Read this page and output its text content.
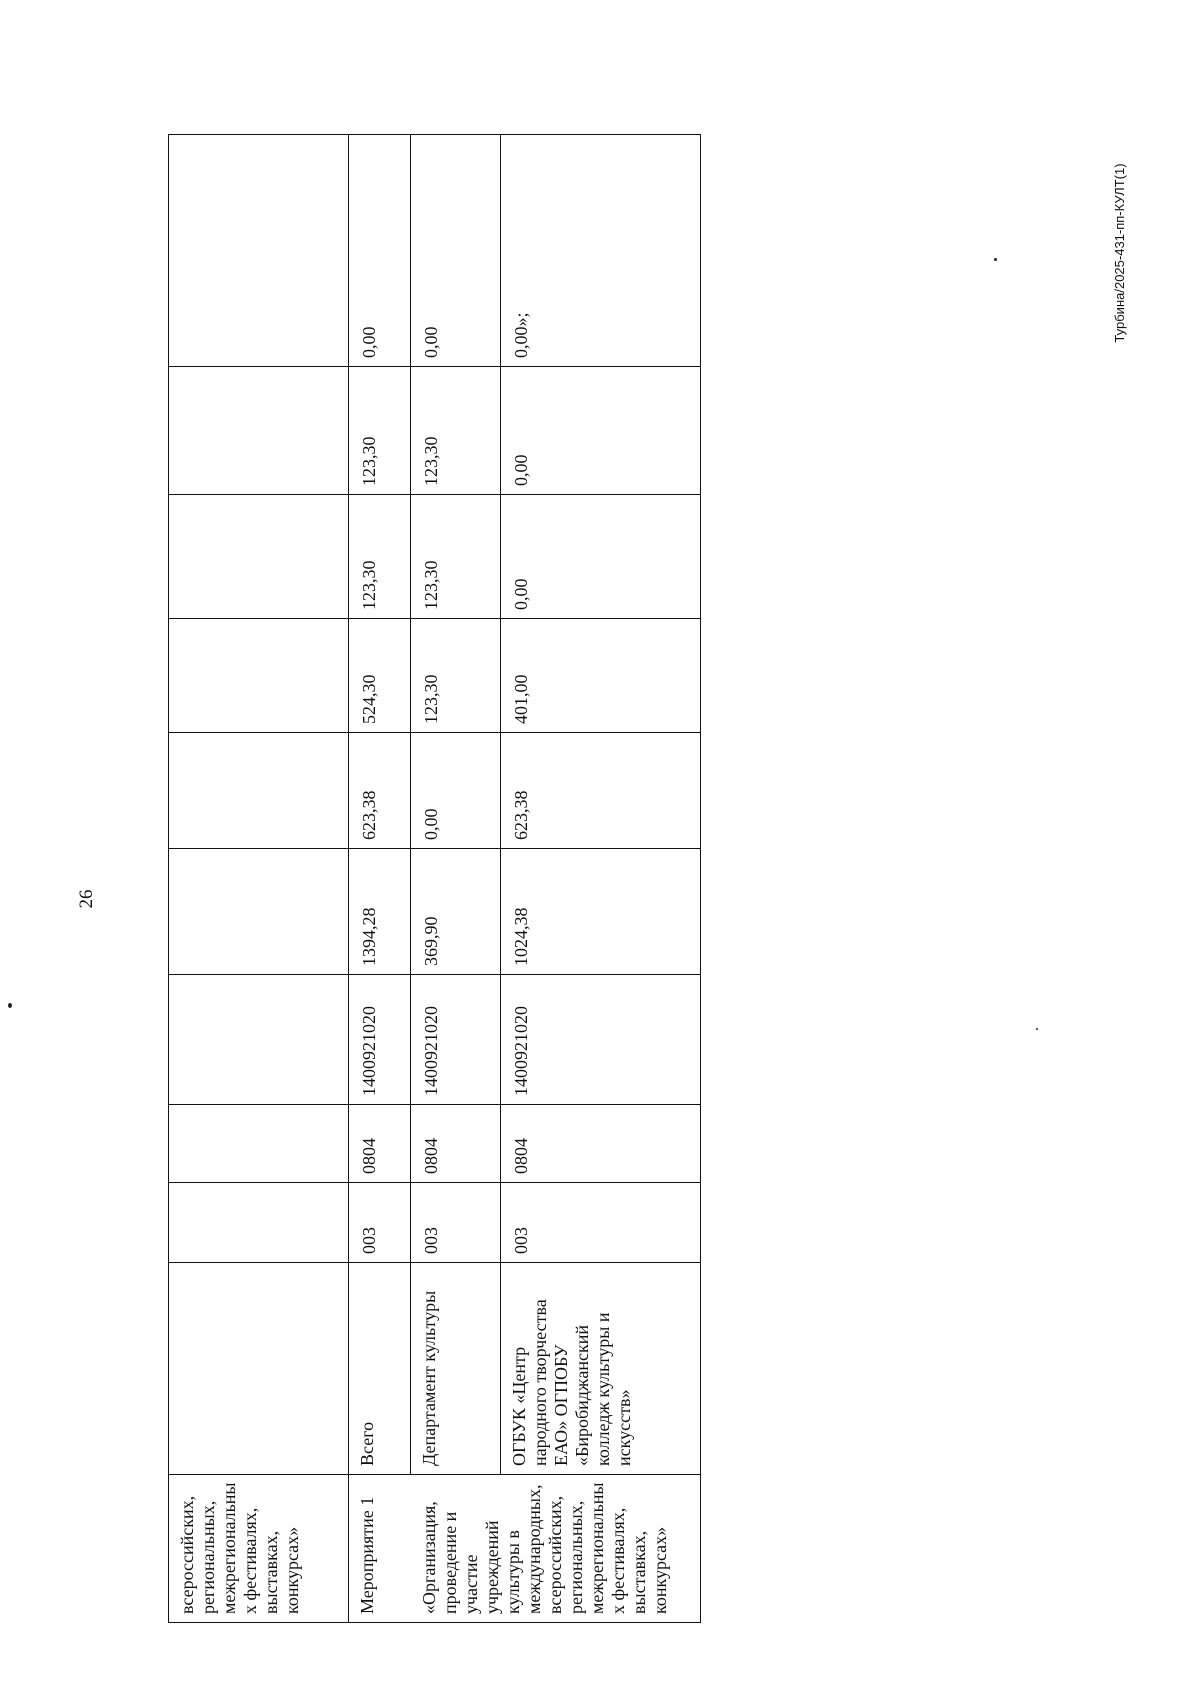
26
Турбина/2025-431-пп-КУЛТ(1)
всероссийских, региональных, межрегиональных фестивалях, выставках, конкурсах»										
Мероприятие 1	Всего	003	0804	1400921020	1394,28	623,38	524,30	123,30	123,30	0,00
«Организация, проведение и участие учреждений культуры в международных, всероссийских, региональных, межрегиональных фестивалях, выставках, конкурсах»	Департамент культуры	003	0804	1400921020	369,90	0,00	123,30	123,30	123,30	0,00
	ОГБУК «Центр народного творчества ЕАО» ОГПОБУ «Биробиджанский колледж культуры и искусств»	003	0804	1400921020	1024,38	623,38	401,00	0,00	0,00	0,00»;
